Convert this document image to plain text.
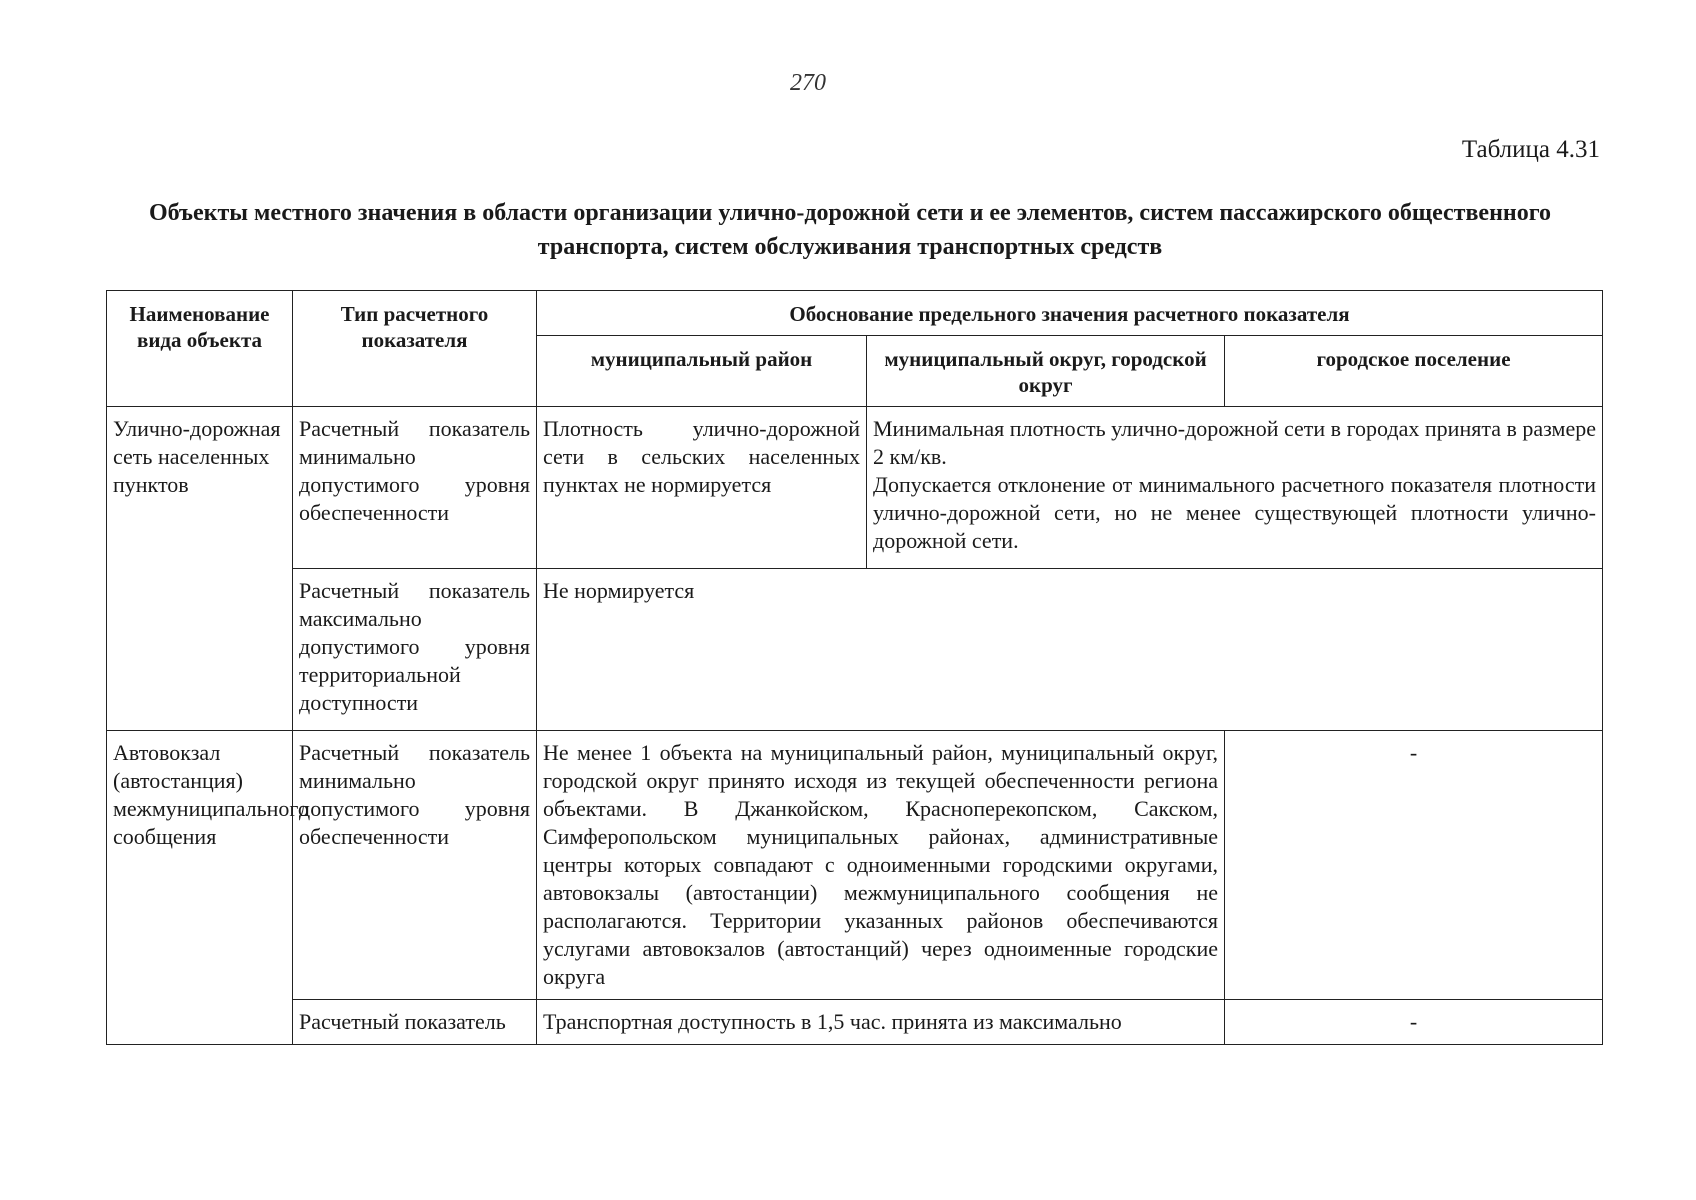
270
Таблица 4.31
Объекты местного значения в области организации улично-дорожной сети и ее элементов, систем пассажирского общественного транспорта, систем обслуживания транспортных средств
Наименование вида объекта	Тип расчетного показателя	Обоснование предельного значения расчетного показателя		
		муниципальный район	муниципальный округ, городской округ	городское поселение
Улично-дорожная сеть населенных пунктов	Расчетный показатель минимально допустимого уровня обеспеченности	Плотность улично-дорожной сети в сельских населенных пунктах не нормируется	Минимальная плотность улично-дорожной сети в городах принята в размере 2 км/кв.
Допускается отклонение от минимального расчетного показателя плотности улично-дорожной сети, но не менее существующей плотности улично-дорожной сети.	

	Расчетный показатель максимально допустимого уровня территориальной доступности	Не нормируется		
Автовокзал (автостанция) межмуниципального сообщения	Расчетный показатель минимально допустимого уровня обеспеченности	Не менее 1 объекта на муниципальный район, муниципальный округ, городской округ принято исходя из текущей обеспеченности региона объектами. В Джанкойском, Красноперекопском, Сакском, Симферопольском муниципальных районах, административные центры которых совпадают с одноименными городскими округами, автовокзалы (автостанции) межмуниципального сообщения не располагаются. Территории указанных районов обеспечиваются услугами автовокзалов (автостанций) через одноименные городские округа		-
	Расчетный показатель	Транспортная доступность в 1,5 час. принята из максимально		-
